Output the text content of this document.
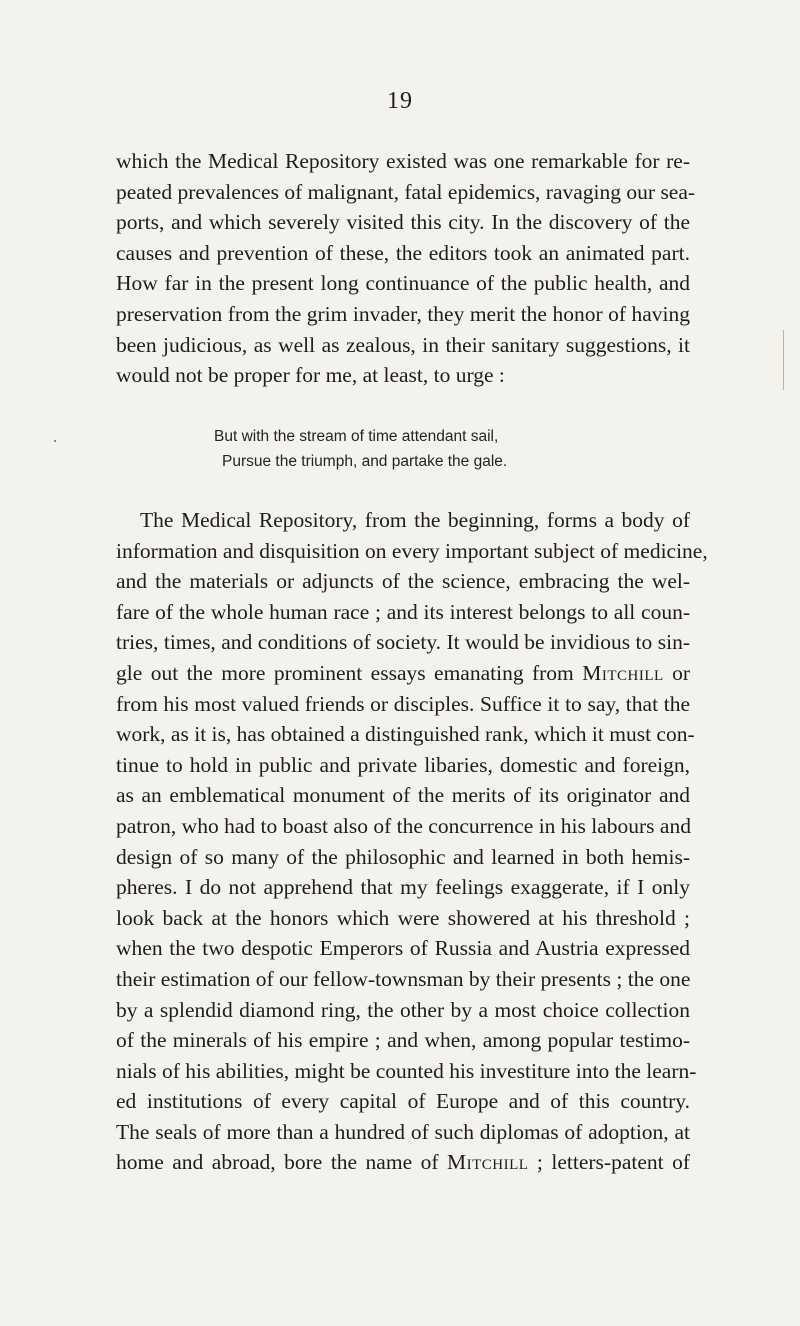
19
which the Medical Repository existed was one remarkable for re-
peated prevalences of malignant, fatal epidemics, ravaging our sea-
ports, and which severely visited this city. In the discovery of the
causes and prevention of these, the editors took an animated part.
How far in the present long continuance of the public health, and
preservation from the grim invader, they merit the honor of having
been judicious, as well as zealous, in their sanitary suggestions, it
would not be proper for me, at least, to urge :
But with the stream of time attendant sail,
Pursue the triumph, and partake the gale.
The Medical Repository, from the beginning, forms a body of
information and disquisition on every important subject of medicine,
and the materials or adjuncts of the science, embracing the wel-
fare of the whole human race ; and its interest belongs to all coun-
tries, times, and conditions of society. It would be invidious to sin-
gle out the more prominent essays emanating from Mitchill or
from his most valued friends or disciples. Suffice it to say, that the
work, as it is, has obtained a distinguished rank, which it must con-
tinue to hold in public and private libaries, domestic and foreign,
as an emblematical monument of the merits of its originator and
patron, who had to boast also of the concurrence in his labours and
design of so many of the philosophic and learned in both hemis-
pheres. I do not apprehend that my feelings exaggerate, if I only
look back at the honors which were showered at his threshold ;
when the two despotic Emperors of Russia and Austria expressed
their estimation of our fellow-townsman by their presents ; the one
by a splendid diamond ring, the other by a most choice collection
of the minerals of his empire ; and when, among popular testimo-
nials of his abilities, might be counted his investiture into the learn-
ed institutions of every capital of Europe and of this country.
The seals of more than a hundred of such diplomas of adoption, at
home and abroad, bore the name of Mitchill ; letters-patent of
